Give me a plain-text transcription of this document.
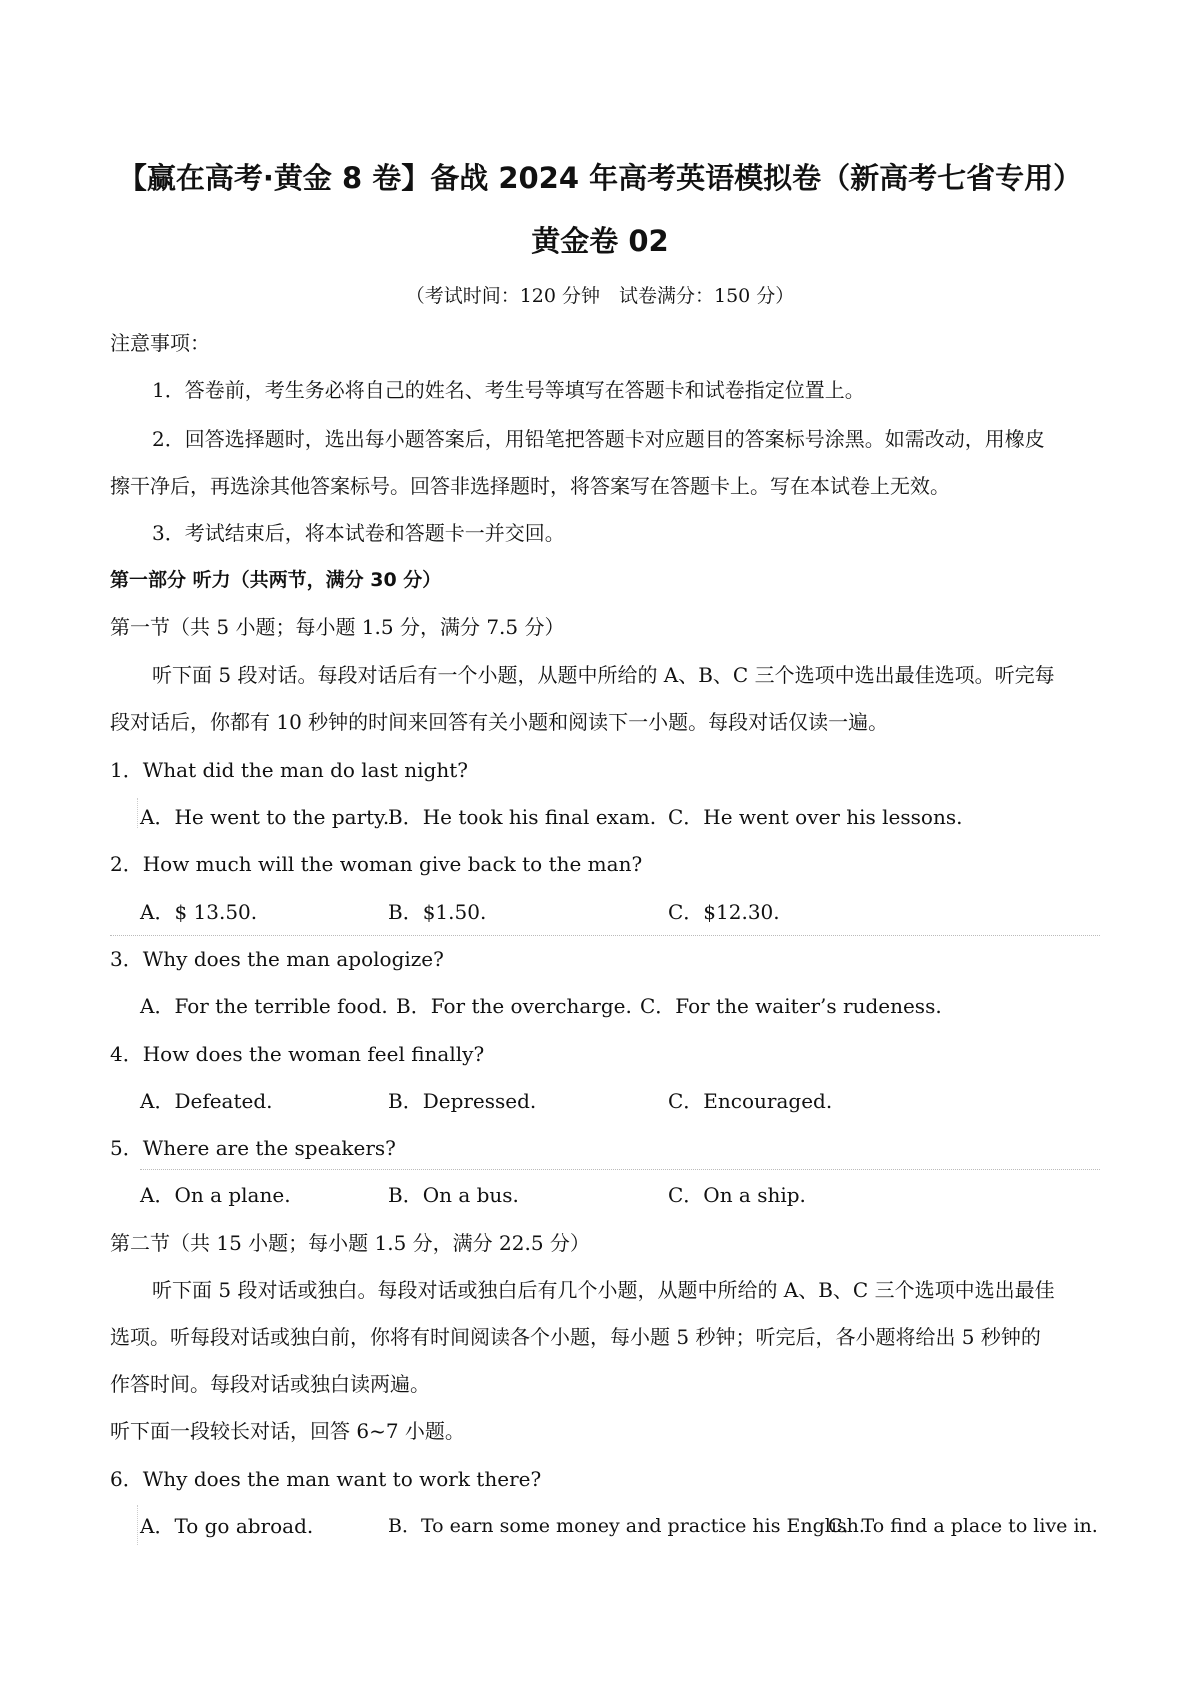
【赢在高考·黄金 8 卷】备战 2024 年高考英语模拟卷（新高考七省专用）
黄金卷 02
（考试时间：120 分钟　试卷满分：150 分）
注意事项：
1．答卷前，考生务必将自己的姓名、考生号等填写在答题卡和试卷指定位置上。
2．回答选择题时，选出每小题答案后，用铅笔把答题卡对应题目的答案标号涂黑。如需改动，用橡皮
擦干净后，再选涂其他答案标号。回答非选择题时，将答案写在答题卡上。写在本试卷上无效。
3．考试结束后，将本试卷和答题卡一并交回。
第一部分 听力（共两节，满分 30 分）
第一节（共 5 小题；每小题 1.5 分，满分 7.5 分）
听下面 5 段对话。每段对话后有一个小题，从题中所给的 A、B、C 三个选项中选出最佳选项。听完每
段对话后，你都有 10 秒钟的时间来回答有关小题和阅读下一小题。每段对话仅读一遍。
1．What did the man do last night?
A．He went to the party.
B．He took his final exam. C．He went over his lessons.
2．How much will the woman give back to the man?
A．$ 13.50.	B．$1.50.	C．$12.30.
3．Why does the man apologize?
A．For the terrible food. B．For the overcharge. C．For the waiter’s rudeness.
4．How does the woman feel finally?
A．Defeated.	B．Depressed.	C．Encouraged.
5．Where are the speakers?
A．On a plane.	B．On a bus.	C．On a ship.
第二节（共 15 小题；每小题 1.5 分，满分 22.5 分）
听下面 5 段对话或独白。每段对话或独白后有几个小题，从题中所给的 A、B、C 三个选项中选出最佳
选项。听每段对话或独白前，你将有时间阅读各个小题，每小题 5 秒钟；听完后，各小题将给出 5 秒钟的
作答时间。每段对话或独白读两遍。
听下面一段较长对话，回答 6~7 小题。
6．Why does the man want to work there?
A．To go abroad.	B．To earn some money and practice his English.
C．To find a place to live in.
